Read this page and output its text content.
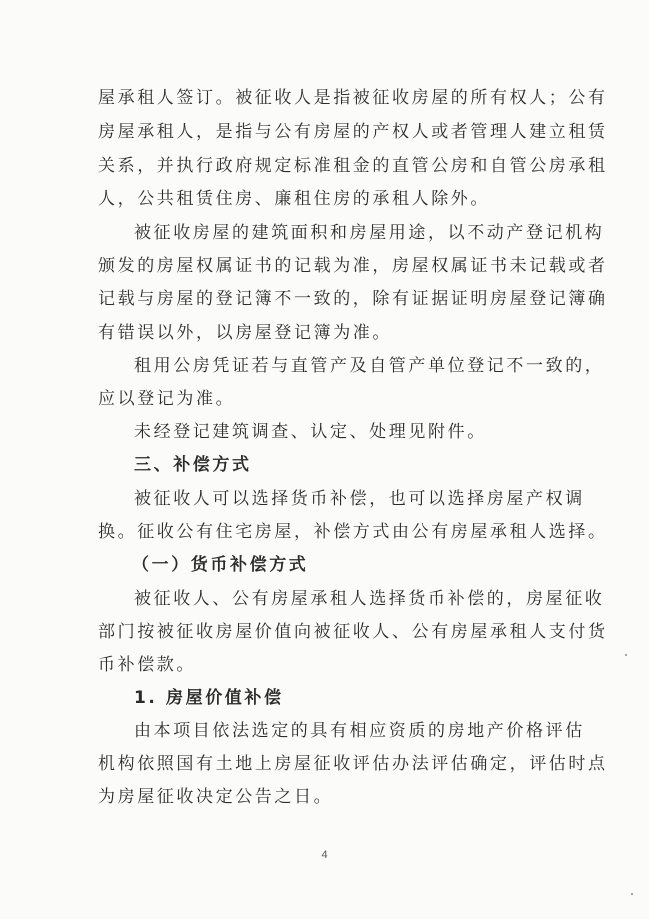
屋承租人签订。被征收人是指被征收房屋的所有权人；公有
房屋承租人，是指与公有房屋的产权人或者管理人建立租赁
关系，并执行政府规定标准租金的直管公房和自管公房承租
人，公共租赁住房、廉租住房的承租人除外。
被征收房屋的建筑面积和房屋用途，以不动产登记机构
颁发的房屋权属证书的记载为准，房屋权属证书未记载或者
记载与房屋的登记簿不一致的，除有证据证明房屋登记簿确
有错误以外，以房屋登记簿为准。
租用公房凭证若与直管产及自管产单位登记不一致的，
应以登记为准。
未经登记建筑调查、认定、处理见附件。
三、补偿方式
被征收人可以选择货币补偿，也可以选择房屋产权调
换。征收公有住宅房屋，补偿方式由公有房屋承租人选择。
（一）货币补偿方式
被征收人、公有房屋承租人选择货币补偿的，房屋征收
部门按被征收房屋价值向被征收人、公有房屋承租人支付货
币补偿款。
1. 房屋价值补偿
由本项目依法选定的具有相应资质的房地产价格评估
机构依照国有土地上房屋征收评估办法评估确定，评估时点
为房屋征收决定公告之日。
4
